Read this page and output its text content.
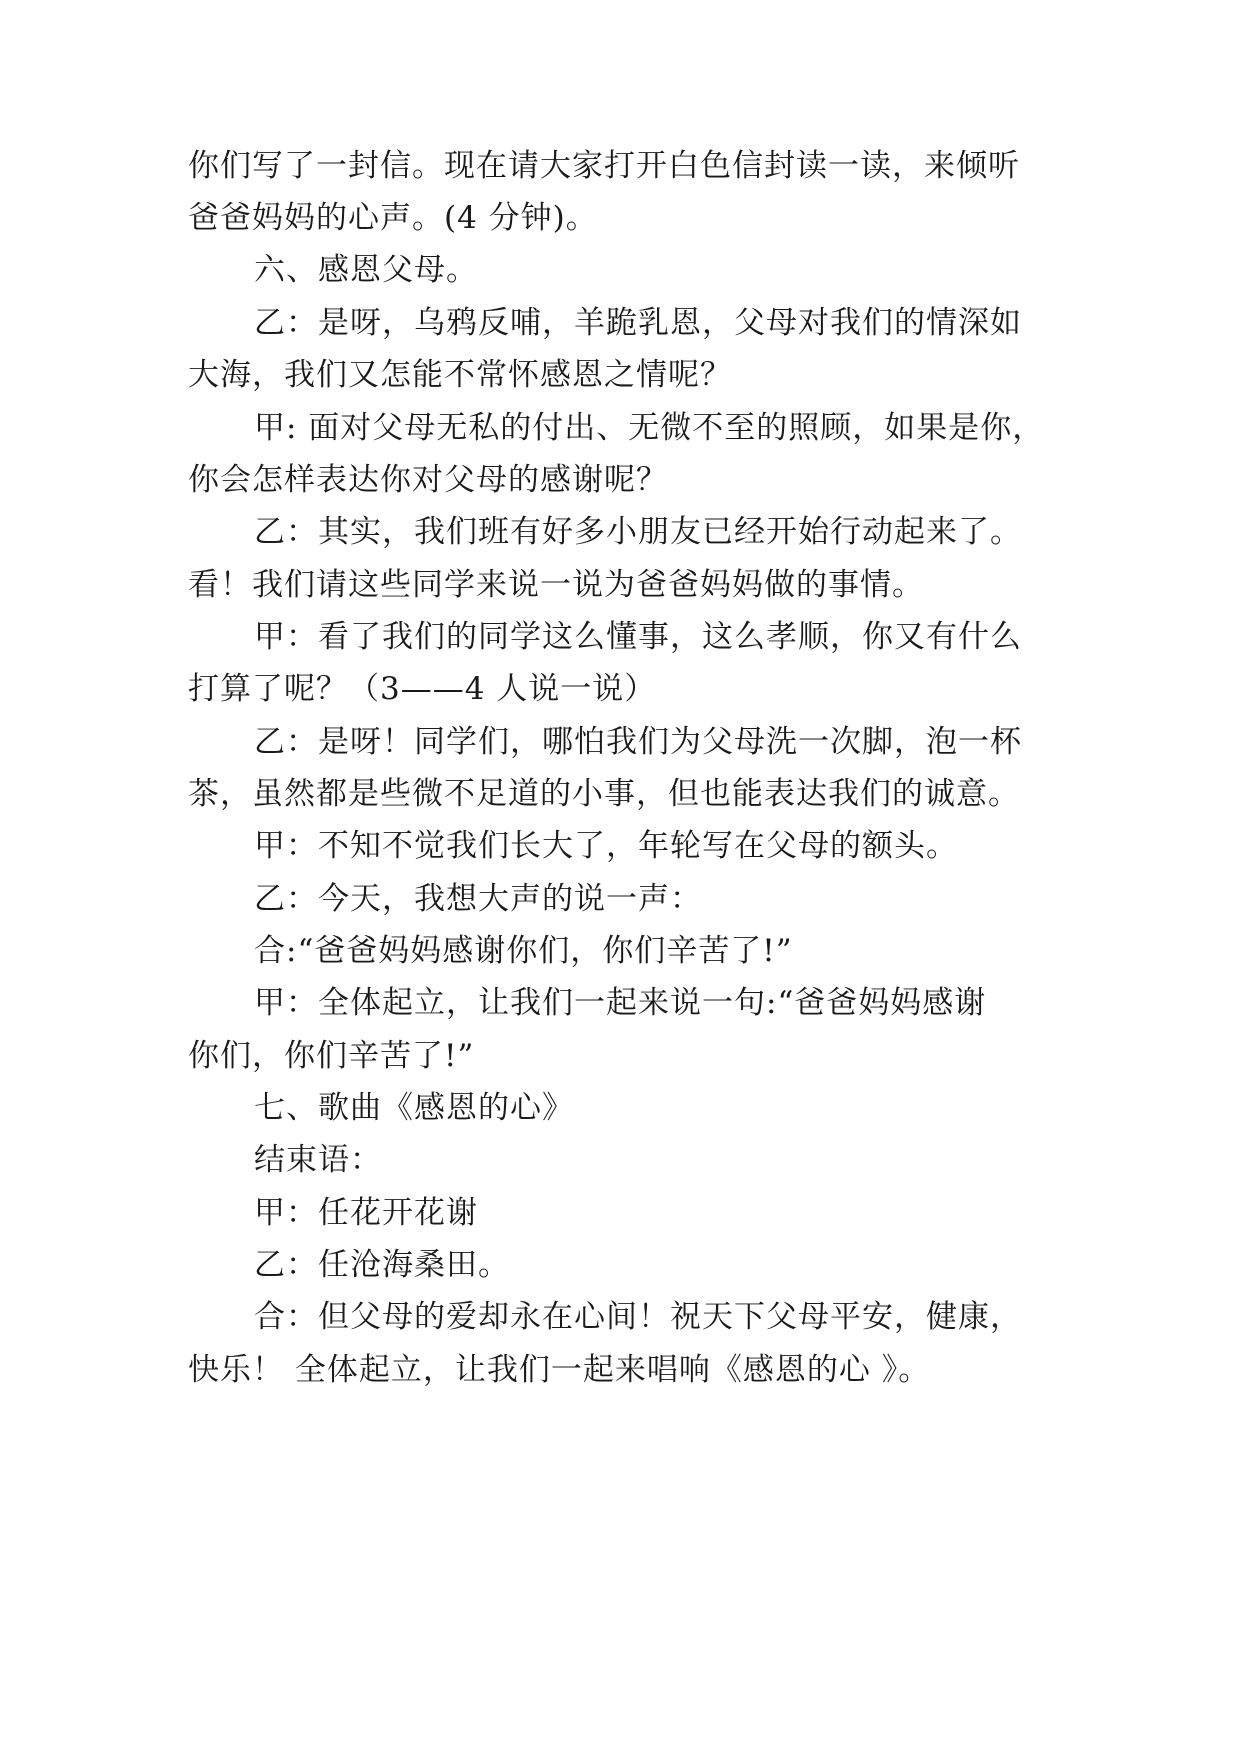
你们写了一封信。现在请大家打开白色信封读一读，来倾听
爸爸妈妈的心声。(4 分钟)。
六、感恩父母。
乙：是呀，乌鸦反哺，羊跪乳恩，父母对我们的情深如
大海，我们又怎能不常怀感恩之情呢？
甲: 面对父母无私的付出、无微不至的照顾，如果是你，
你会怎样表达你对父母的感谢呢？
乙：其实，我们班有好多小朋友已经开始行动起来了。
看！我们请这些同学来说一说为爸爸妈妈做的事情。
甲：看了我们的同学这么懂事，这么孝顺，你又有什么
打算了呢？（3——4 人说一说）
乙：是呀！同学们，哪怕我们为父母洗一次脚，泡一杯
茶，虽然都是些微不足道的小事，但也能表达我们的诚意。
甲：不知不觉我们长大了，年轮写在父母的额头。
乙：今天，我想大声的说一声：
合:“爸爸妈妈感谢你们，你们辛苦了!”
甲：全体起立，让我们一起来说一句:“爸爸妈妈感谢
你们，你们辛苦了!”
七、歌曲《感恩的心》
结束语：
甲：任花开花谢
乙：任沧海桑田。
合：但父母的爱却永在心间！祝天下父母平安，健康，
快乐！ 全体起立，让我们一起来唱响《感恩的心 》。
